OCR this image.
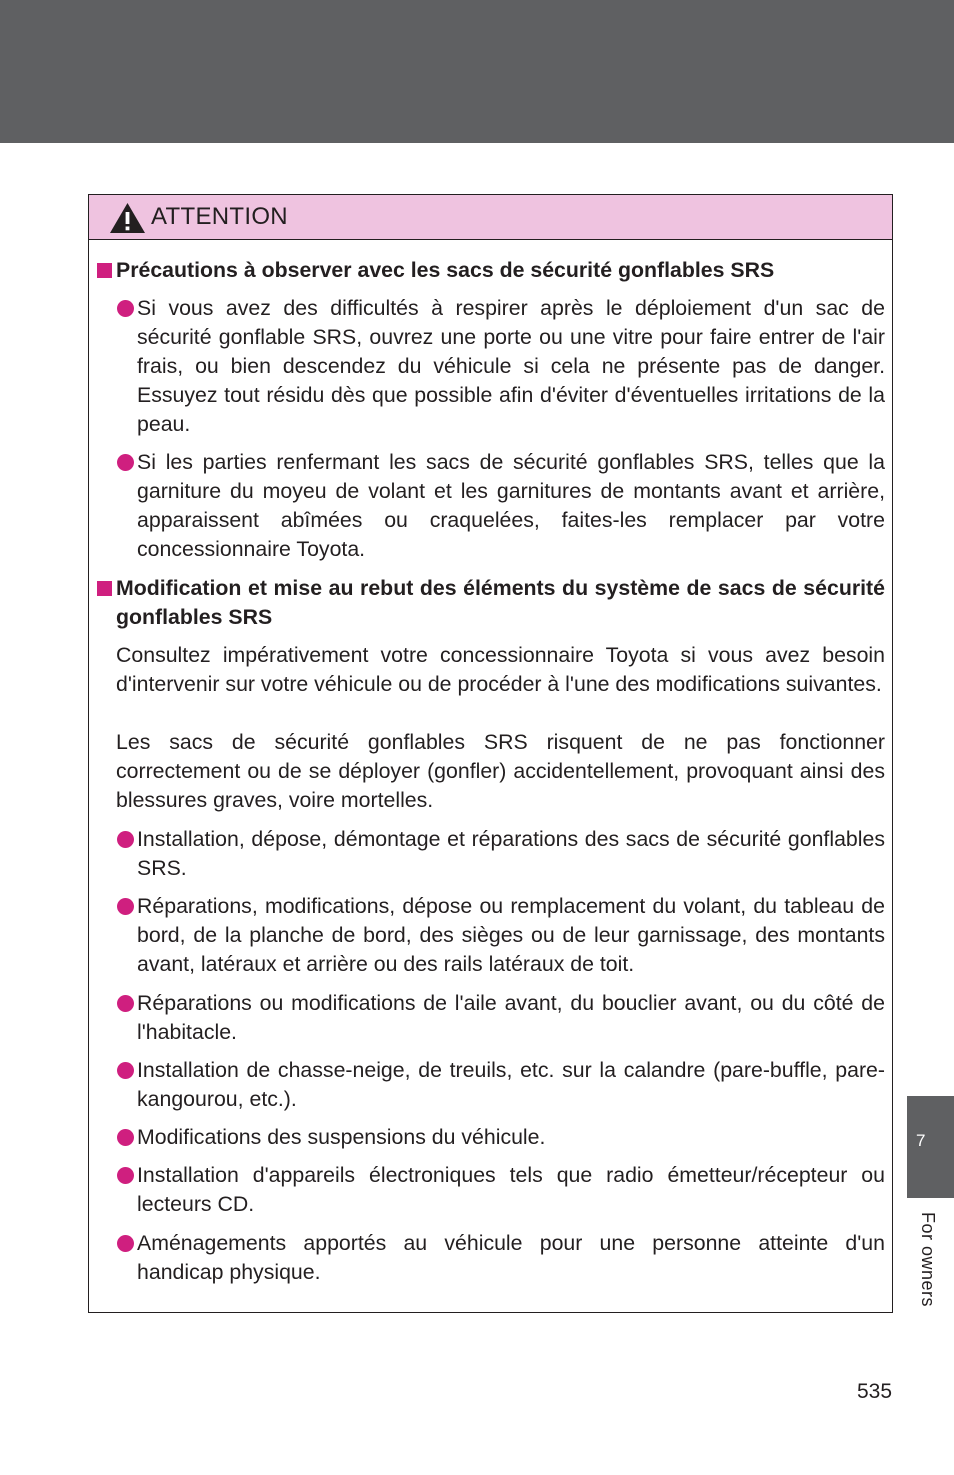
ATTENTION
Précautions à observer avec les sacs de sécurité gonflables SRS
Si vous avez des difficultés à respirer après le déploiement d'un sac de sécurité gonflable SRS, ouvrez une porte ou une vitre pour faire entrer de l'air frais, ou bien descendez du véhicule si cela ne présente pas de danger. Essuyez tout résidu dès que possible afin d'éviter d'éventuelles irritations de la peau.
Si les parties renfermant les sacs de sécurité gonflables SRS, telles que la garniture du moyeu de volant et les garnitures de montants avant et arrière, apparaissent abîmées ou craquelées, faites-les remplacer par votre concessionnaire Toyota.
Modification et mise au rebut des éléments du système de sacs de sécurité gonflables SRS
Consultez impérativement votre concessionnaire Toyota si vous avez besoin d'intervenir sur votre véhicule ou de procéder à l'une des modifications suivantes.
Les sacs de sécurité gonflables SRS risquent de ne pas fonctionner correctement ou de se déployer (gonfler) accidentellement, provoquant ainsi des blessures graves, voire mortelles.
Installation, dépose, démontage et réparations des sacs de sécurité gonflables SRS.
Réparations, modifications, dépose ou remplacement du volant, du tableau de bord, de la planche de bord, des sièges ou de leur garnissage, des montants avant, latéraux et arrière ou des rails latéraux de toit.
Réparations ou modifications de l'aile avant, du bouclier avant, ou du côté de l'habitacle.
Installation de chasse-neige, de treuils, etc. sur la calandre (pare-buffle, pare-kangourou, etc.).
Modifications des suspensions du véhicule.
Installation d'appareils électroniques tels que radio émetteur/récepteur ou lecteurs CD.
Aménagements apportés au véhicule pour une personne atteinte d'un handicap physique.
7
For owners
535
